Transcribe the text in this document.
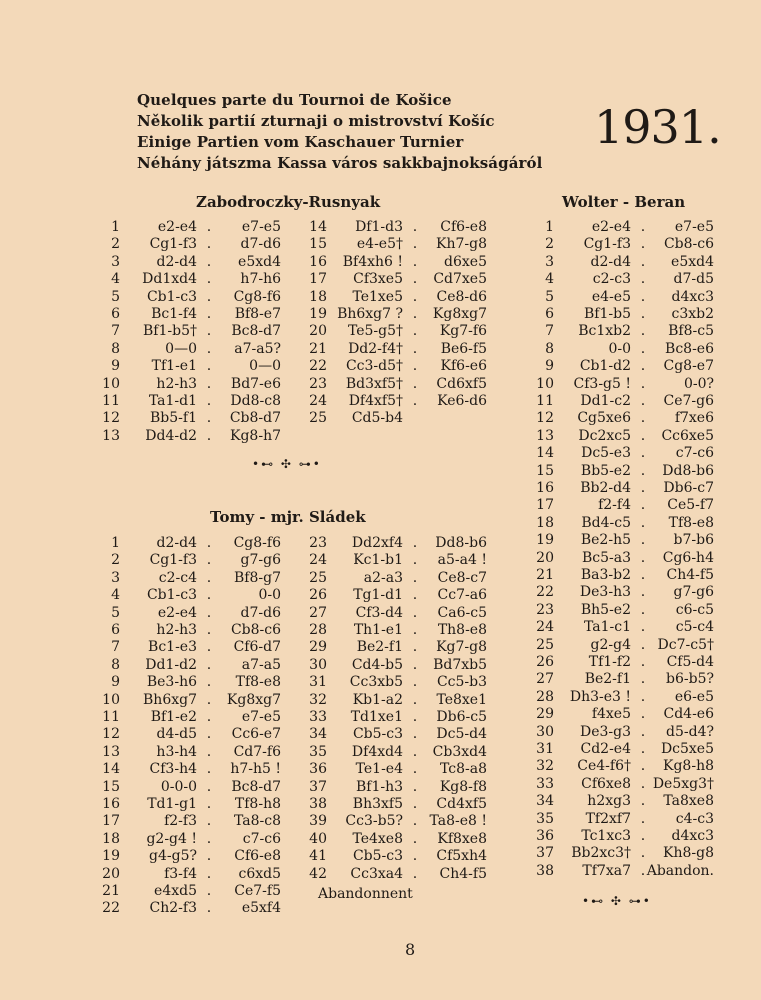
Quelques parte du Tournoi de Košice
Několik partií zturnaji o mistrovství Košíc
Einige Partien vom Kaschauer Turnier
Néhány játszma Kassa város sakkbajnokságáról
1931.
Zabodroczky-Rusnyak
Tomy - mjr. Sládek
Wolter - Beran
1	e2-e4 . e7-e5
2 Cg1-f3 . d7-d6
3	d2-d4 . e5xd4
4 Dd1xd4 . h7-h6
5 Cb1-c3 . Cg8-f6
6 Bc1-f4 . Bf8-e7
7 Bf1-b5† . Bc8-d7
8	0—0 . a7-a5?
9 Tf1-e1 .	0—0
10	h2-h3 . Bd7-e6
11 Ta1-d1 . Dd8-c8
12 Bb5-f1 . Cb8-d7
13 Dd4-d2 . Kg8-h7
14 Df1-d3 . Cf6-e8
15 e4-e5† . Kh7-g8
16 Bf4xh6 ! . d6xe5
17 Cf3xe5 . Cd7xe5
18 Te1xe5 . Ce8-d6
19 Bh6xg7 ? . Kg8xg7
20 Te5-g5† . Kg7-f6
21 Dd2-f4† . Be6-f5
22 Cc3-d5† . Kf6-e6
23 Bd3xf5† . Cd6xf5
24 Df4xf5† . Ke6-d6
25 Cd5-b4
1	d2-d4 . Cg8-f6
2 Cg1-f3 . g7-g6
3	c2-c4 . Bf8-g7
4 Cb1-c3 .	0-0
5	e2-e4 . d7-d6
6	h2-h3 . Cb8-c6
7 Bc1-e3 . Cf6-d7
8 Dd1-d2 . a7-a5
9 Be3-h6 . Tf8-e8
10 Bh6xg7 . Kg8xg7
11 Bf1-e2 . e7-e5
12	d4-d5 . Cc6-e7
13	h3-h4 . Cd7-f6
14 Cf3-h4 . h7-h5 !
15	0-0-0 . Bc8-d7
16 Td1-g1 . Tf8-h8
17	f2-f3 . Ta8-c8
18 g2-g4 ! . c7-c6
19 g4-g5? . Cf6-e8
20	f3-f4 . c6xd5
21 e4xd5 . Ce7-f5
22 Ch2-f3 . e5xf4
23 Dd2xf4 . Dd8-b6
24 Kc1-b1 . a5-a4 !
25	a2-a3 . Ce8-c7
26 Tg1-d1 . Cc7-a6
27 Cf3-d4 . Ca6-c5
28 Th1-e1 . Th8-e8
29 Be2-f1 . Kg7-g8
30 Cd4-b5 . Bd7xb5
31 Cc3xb5 . Cc5-b3
32 Kb1-a2 . Te8xe1
33 Td1xe1 . Db6-c5
34 Cb5-c3 . Dc5-d4
35 Df4xd4 . Cb3xd4
36 Te1-e4 . Tc8-a8
37 Bf1-h3 . Kg8-f8
38 Bh3xf5 . Cd4xf5
39 Cc3-b5? . Ta8-e8 !
40 Te4xe8 . Kf8xe8
41 Cb5-c3 . Cf5xh4
42 Cc3xa4 . Ch4-f5
1	e2-e4 . e7-e5
2 Cg1-f3 . Cb8-c6
3	d2-d4 . e5xd4
4	c2-c3 . d7-d5
5	e4-e5 . d4xc3
6 Bf1-b5 . c3xb2
7 Bc1xb2 . Bf8-c5
8	0-0 . Bc8-e6
9 Cb1-d2 . Cg8-e7
10 Cf3-g5 ! .	0-0?
11 Dd1-c2 . Ce7-g6
12 Cg5xe6 . f7xe6
13 Dc2xc5 . Cc6xe5
14 Dc5-e3 . c7-c6
15 Bb5-e2 . Dd8-b6
16 Bb2-d4 . Db6-c7
17	f2-f4 . Ce5-f7
18 Bd4-c5 . Tf8-e8
19 Be2-h5 . b7-b6
20 Bc5-a3 . Cg6-h4
21 Ba3-b2 . Ch4-f5
22 De3-h3 . g7-g6
23 Bh5-e2 . c6-c5
24 Ta1-c1 . c5-c4
25	g2-g4 . Dc7-c5†
26 Tf1-f2 . Cf5-d4
27 Be2-f1 . b6-b5?
28 Dh3-e3 ! . e6-e5
29	f4xe5 . Cd4-e6
30 De3-g3 . d5-d4?
31 Cd2-e4 . Dc5xe5
32 Ce4-f6† . Kg8-h8
33 Cf6xe8 . De5xg3†
34 h2xg3 . Ta8xe8
35 Tf2xf7 . c4-c3
36 Tc1xc3 . d4xc3
37 Bb2xc3† . Kh8-g8
38 Tf7xa7 . Abandon.
Abandonnent
•⊷ ✣ ⊶•
•⊷ ✣ ⊶•
8
